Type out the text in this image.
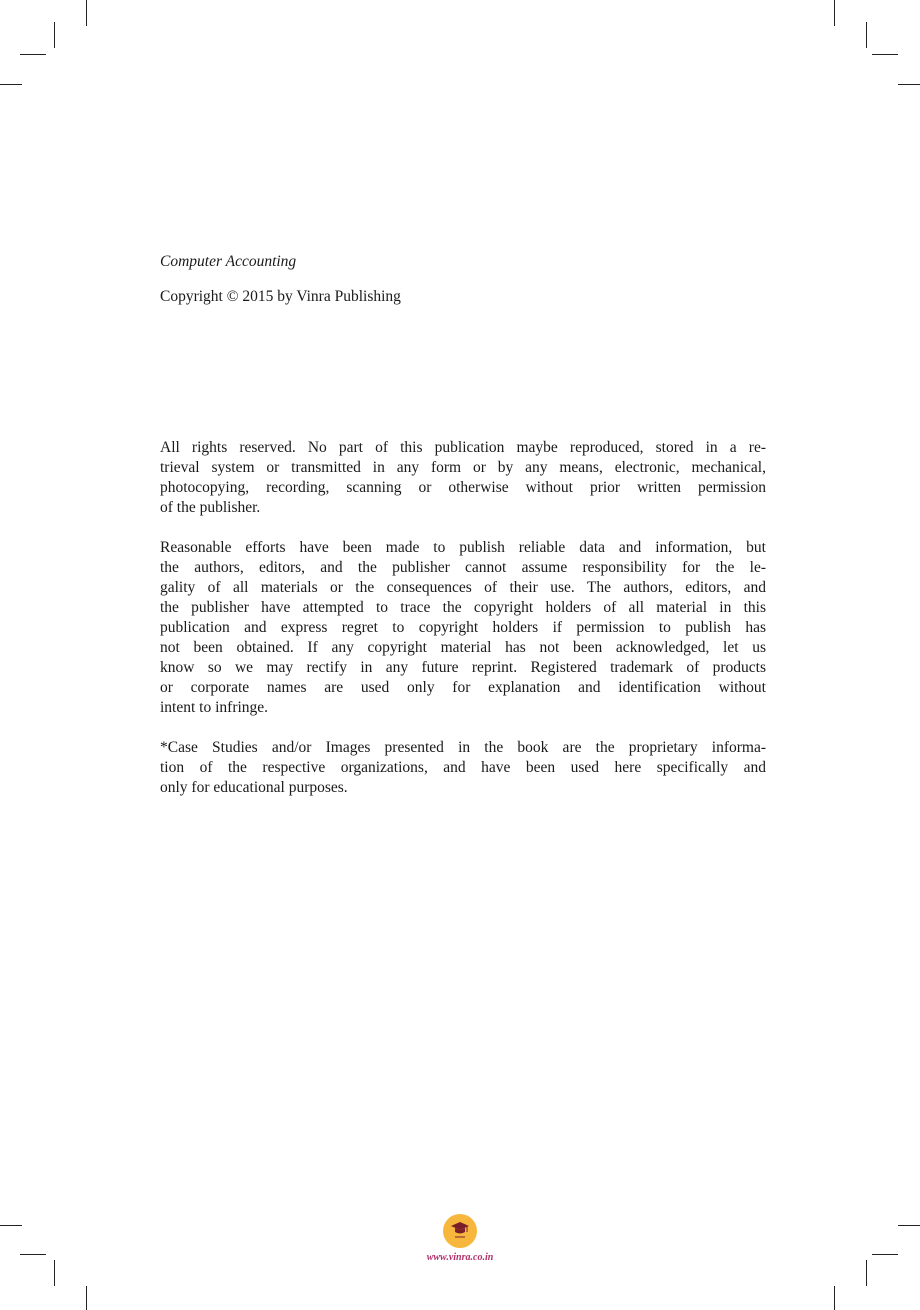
Computer Accounting
Copyright © 2015 by Vinra Publishing
All rights reserved. No part of this publication maybe reproduced, stored in a re-
trieval system or transmitted in any form or by any means, electronic, mechanical,
photocopying, recording, scanning or otherwise without prior written permission
of the publisher.
Reasonable efforts have been made to publish reliable data and information, but
the authors, editors, and the publisher cannot assume responsibility for the le-
gality of all materials or the consequences of their use. The authors, editors, and
the publisher have attempted to trace the copyright holders of all material in this
publication and express regret to copyright holders if permission to publish has
not been obtained. If any copyright material has not been acknowledged, let us
know so we may rectify in any future reprint. Registered trademark of products
or corporate names are used only for explanation and identification without
intent to infringe.
*Case Studies and/or Images presented in the book are the proprietary informa-
tion of the respective organizations, and have been used here specifically and
only for educational purposes.
www.vinra.co.in
